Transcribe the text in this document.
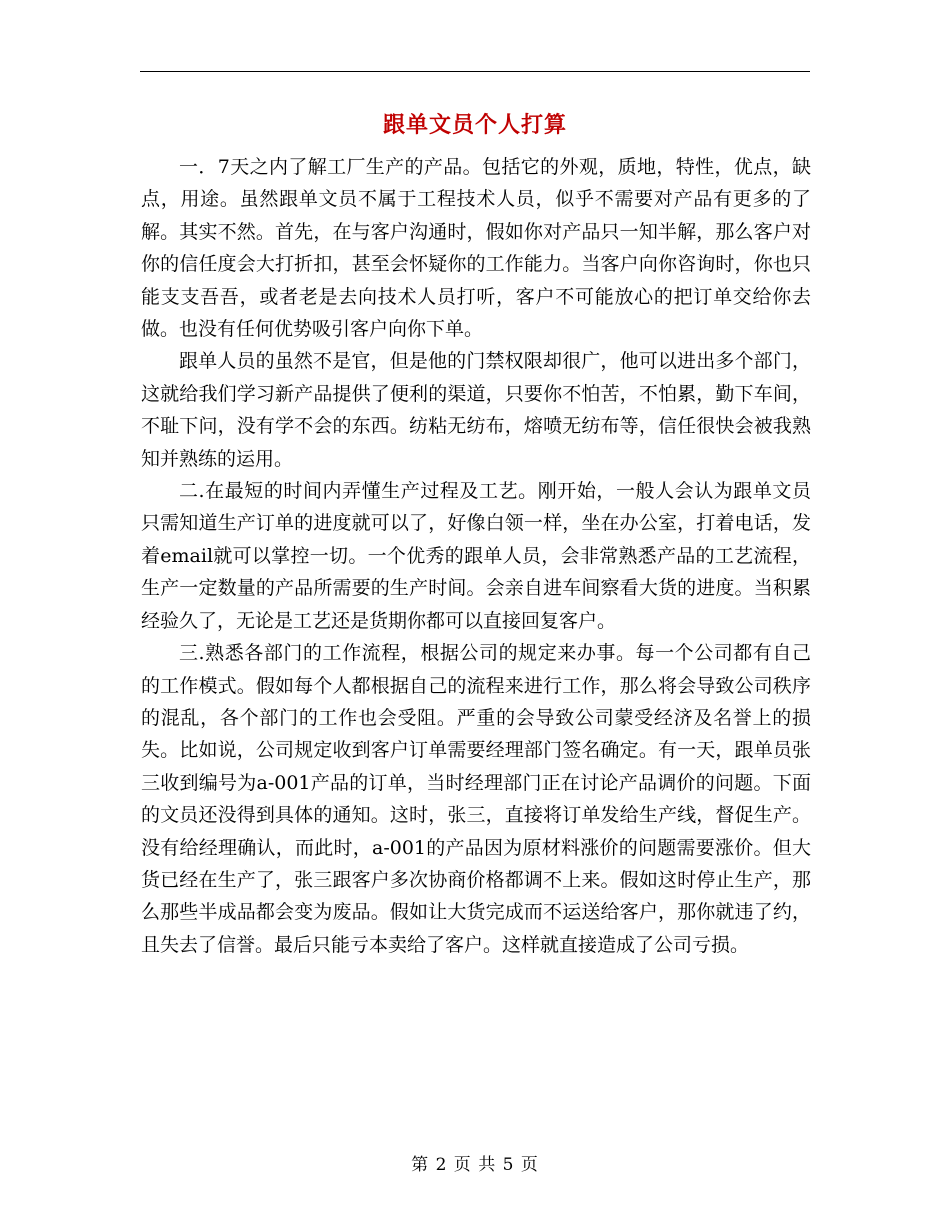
跟单文员个人打算

一．7天之内了解工厂生产的产品。包括它的外观，质地，特性，优点，缺点，用途。虽然跟单文员不属于工程技术人员，似乎不需要对产品有更多的了解。其实不然。首先，在与客户沟通时，假如你对产品只一知半解，那么客户对你的信任度会大打折扣，甚至会怀疑你的工作能力。当客户向你咨询时，你也只能支支吾吾，或者老是去向技术人员打听，客户不可能放心的把订单交给你去做。也没有任何优势吸引客户向你下单。

跟单人员的虽然不是官，但是他的门禁权限却很广，他可以进出多个部门，这就给我们学习新产品提供了便利的渠道，只要你不怕苦，不怕累，勤下车间，不耻下问，没有学不会的东西。纺粘无纺布，熔喷无纺布等，信任很快会被我熟知并熟练的运用。

二.在最短的时间内弄懂生产过程及工艺。刚开始，一般人会认为跟单文员只需知道生产订单的进度就可以了，好像白领一样，坐在办公室，打着电话，发着email就可以掌控一切。一个优秀的跟单人员，会非常熟悉产品的工艺流程，生产一定数量的产品所需要的生产时间。会亲自进车间察看大货的进度。当积累经验久了，无论是工艺还是货期你都可以直接回复客户。

三.熟悉各部门的工作流程，根据公司的规定来办事。每一个公司都有自己的工作模式。假如每个人都根据自己的流程来进行工作，那么将会导致公司秩序的混乱，各个部门的工作也会受阻。严重的会导致公司蒙受经济及名誉上的损失。比如说，公司规定收到客户订单需要经理部门签名确定。有一天，跟单员张三收到编号为a-001产品的订单，当时经理部门正在讨论产品调价的问题。下面的文员还没得到具体的通知。这时，张三，直接将订单发给生产线，督促生产。没有给经理确认，而此时，a-001的产品因为原材料涨价的问题需要涨价。但大货已经在生产了，张三跟客户多次协商价格都调不上来。假如这时停止生产，那么那些半成品都会变为废品。假如让大货完成而不运送给客户，那你就违了约，且失去了信誉。最后只能亏本卖给了客户。这样就直接造成了公司亏损。

第 2 页 共 5 页
